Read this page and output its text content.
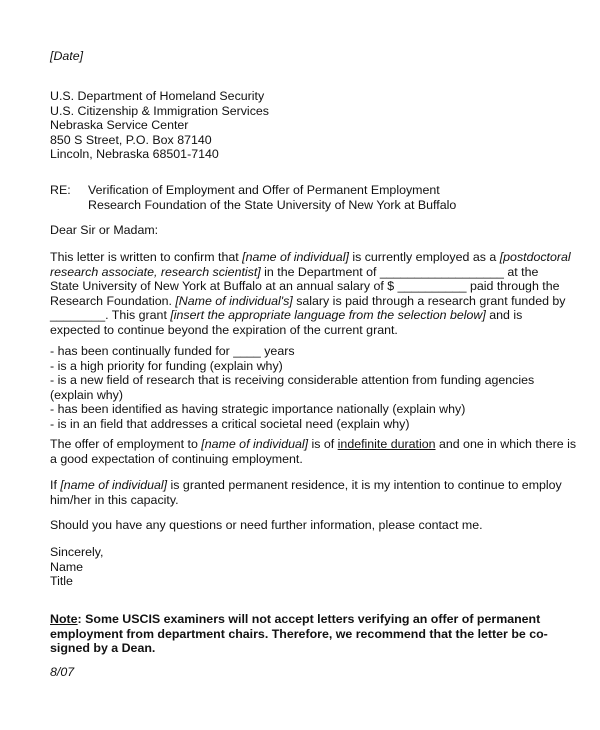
[Date]

U.S. Department of Homeland Security
U.S. Citizenship & Immigration Services
Nebraska Service Center
850 S Street, P.O. Box 87140
Lincoln, Nebraska 68501-7140

RE:	Verification of Employment and Offer of Permanent Employment
Research Foundation of the State University of New York at Buffalo

Dear Sir or Madam:

This letter is written to confirm that [name of individual] is currently employed as a [postdoctoral
research associate, research scientist] in the Department of __________________ at the
State University of New York at Buffalo at an annual salary of $ __________ paid through the
Research Foundation. [Name of individual's] salary is paid through a research grant funded by
________. This grant [insert the appropriate language from the selection below] and is
expected to continue beyond the expiration of the current grant.

- has been continually funded for ____ years
- is a high priority for funding (explain why)
- is a new field of research that is receiving considerable attention from funding agencies
(explain why)
- has been identified as having strategic importance nationally (explain why)
- is in an field that addresses a critical societal need (explain why)

The offer of employment to [name of individual] is of indefinite duration and one in which there is
a good expectation of continuing employment.

If [name of individual] is granted permanent residence, it is my intention to continue to employ
him/her in this capacity.

Should you have any questions or need further information, please contact me.

Sincerely,
Name
Title

Note: Some USCIS examiners will not accept letters verifying an offer of permanent
employment from department chairs. Therefore, we recommend that the letter be co-
signed by a Dean.

8/07
